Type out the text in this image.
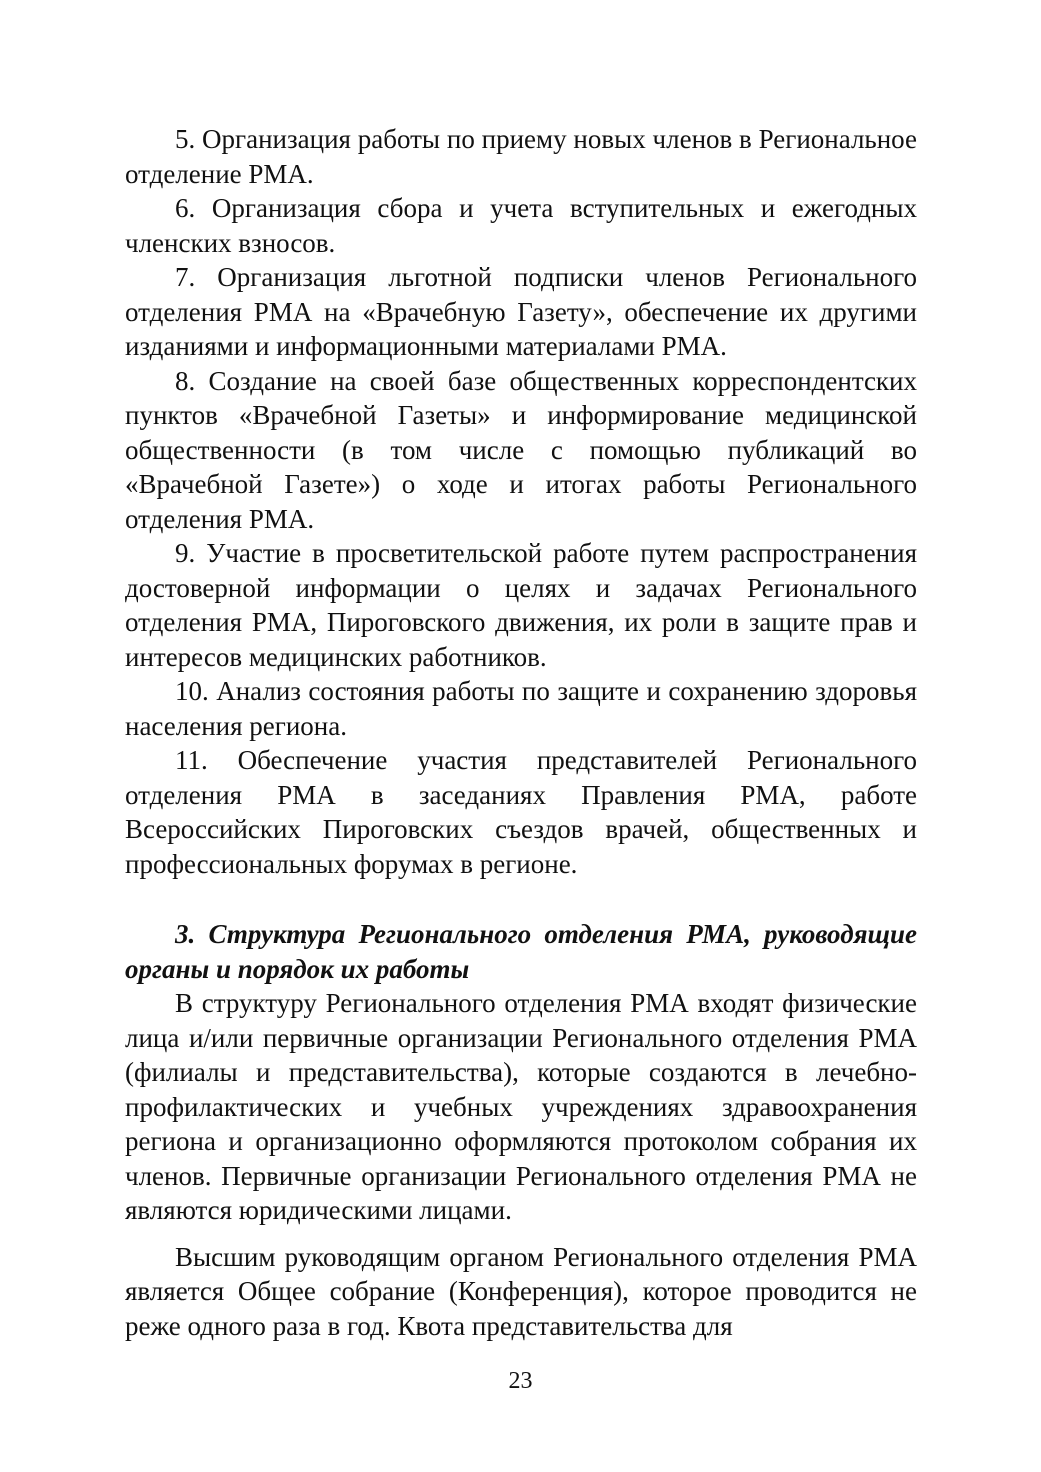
5. Организация работы по приему новых членов в Региональное отделение РМА.

6. Организация сбора и учета вступительных и ежегодных членских взносов.

7. Организация льготной подписки членов Регионального отделения РМА на «Врачебную Газету», обеспечение их другими изданиями и информационными материалами РМА.

8. Создание на своей базе общественных корреспондентских пунктов «Врачебной Газеты» и информирование медицинской общественности (в том числе с помощью публикаций во «Врачебной Газете») о ходе и итогах работы Регионального отделения РМА.

9. Участие в просветительской работе путем распространения достоверной информации о целях и задачах Регионального отделения РМА, Пироговского движения, их роли в защите прав и интересов медицинских работников.

10. Анализ состояния работы по защите и сохранению здоровья населения региона.

11. Обеспечение участия представителей Регионального отделения РМА в заседаниях Правления РМА, работе Всероссийских Пироговских съездов врачей, общественных и профессиональных форумах в регионе.

3. Структура Регионального отделения РМА, руководящие органы и порядок их работы

В структуру Регионального отделения РМА входят физические лица и/или первичные организации Регионального отделения РМА (филиалы и представительства), которые создаются в лечебно-профилактических и учебных учреждениях здравоохранения региона и организационно оформляются протоколом собрания их членов. Первичные организации Регионального отделения РМА не являются юридическими лицами.

Высшим руководящим органом Регионального отделения РМА является Общее собрание (Конференция), которое проводится не реже одного раза в год. Квота представительства для

23
